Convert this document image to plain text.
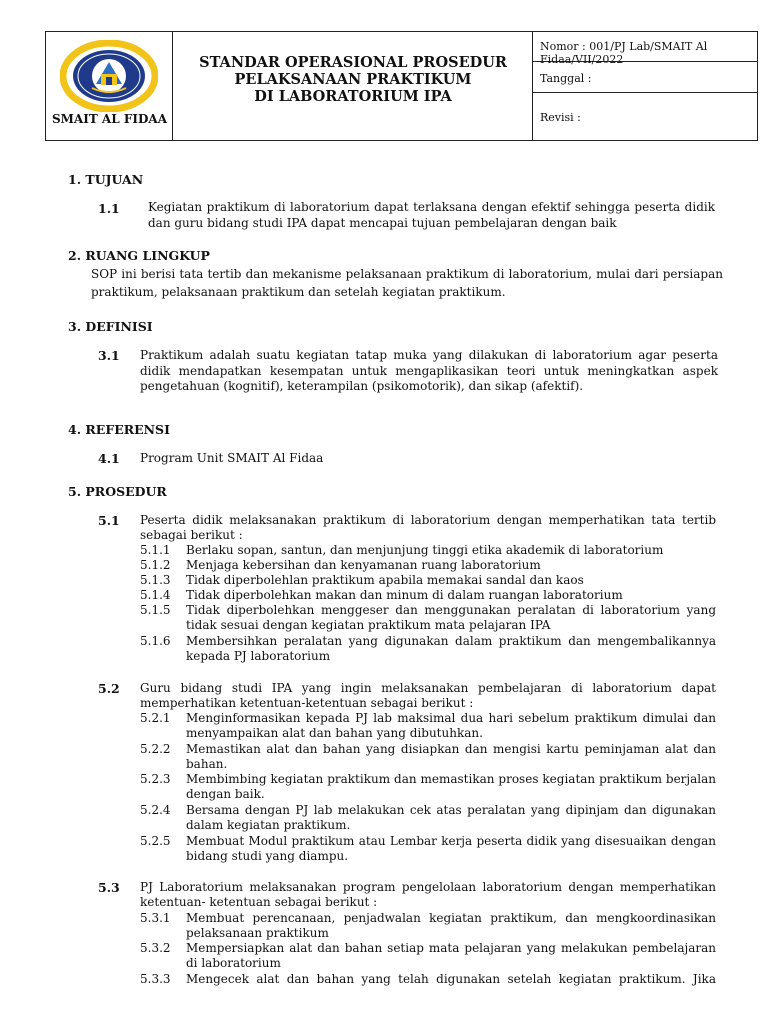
SMAIT AL FIDAA
STANDAR OPERASIONAL PROSEDUR
PELAKSANAAN PRAKTIKUM
DI LABORATORIUM IPA
Nomor : 001/PJ Lab/SMAIT Al Fidaa/VII/2022
Tanggal :
Revisi :
1. TUJUAN
1.1 Kegiatan praktikum di laboratorium dapat terlaksana dengan efektif sehingga peserta didik dan guru bidang studi IPA dapat mencapai tujuan pembelajaran dengan baik
2. RUANG LINGKUP
SOP ini berisi tata tertib dan mekanisme pelaksanaan praktikum di laboratorium, mulai dari persiapan praktikum, pelaksanaan praktikum dan setelah kegiatan praktikum.
3. DEFINISI
3.1 Praktikum adalah suatu kegiatan tatap muka yang dilakukan di laboratorium agar peserta didik mendapatkan kesempatan untuk mengaplikasikan teori untuk meningkatkan aspek pengetahuan (kognitif), keterampilan (psikomotorik), dan sikap (afektif).
4. REFERENSI
4.1 Program Unit SMAIT Al Fidaa
5. PROSEDUR
5.1 Peserta didik melaksanakan praktikum di laboratorium dengan memperhatikan tata tertib sebagai berikut :
5.1.1 Berlaku sopan, santun, dan menjunjung tinggi etika akademik di laboratorium
5.1.2 Menjaga kebersihan dan kenyamanan ruang laboratorium
5.1.3 Tidak diperbolehlan praktikum apabila memakai sandal dan kaos
5.1.4 Tidak diperbolehkan makan dan minum di dalam ruangan laboratorium
5.1.5 Tidak diperbolehkan menggeser dan menggunakan peralatan di laboratorium yang tidak sesuai dengan kegiatan praktikum mata pelajaran IPA
5.1.6 Membersihkan peralatan yang digunakan dalam praktikum dan mengembalikannya kepada PJ laboratorium
5.2 Guru bidang studi IPA yang ingin melaksanakan pembelajaran di laboratorium dapat memperhatikan ketentuan-ketentuan sebagai berikut :
5.2.1 Menginformasikan kepada PJ lab maksimal dua hari sebelum praktikum dimulai dan menyampaikan alat dan bahan yang dibutuhkan.
5.2.2 Memastikan alat dan bahan yang disiapkan dan mengisi kartu peminjaman alat dan bahan.
5.2.3 Membimbing kegiatan praktikum dan memastikan proses kegiatan praktikum berjalan dengan baik.
5.2.4 Bersama dengan PJ lab melakukan cek atas peralatan yang dipinjam dan digunakan dalam kegiatan praktikum.
5.2.5 Membuat Modul praktikum atau Lembar kerja peserta didik yang disesuaikan dengan bidang studi yang diampu.
5.3 PJ Laboratorium melaksanakan program pengelolaan laboratorium dengan memperhatikan ketentuan- ketentuan sebagai berikut :
5.3.1 Membuat perencanaan, penjadwalan kegiatan praktikum, dan mengkoordinasikan pelaksanaan praktikum
5.3.2 Mempersiapkan alat dan bahan setiap mata pelajaran yang melakukan pembelajaran di laboratorium
5.3.3 Mengecek alat dan bahan yang telah digunakan setelah kegiatan praktikum. Jika
